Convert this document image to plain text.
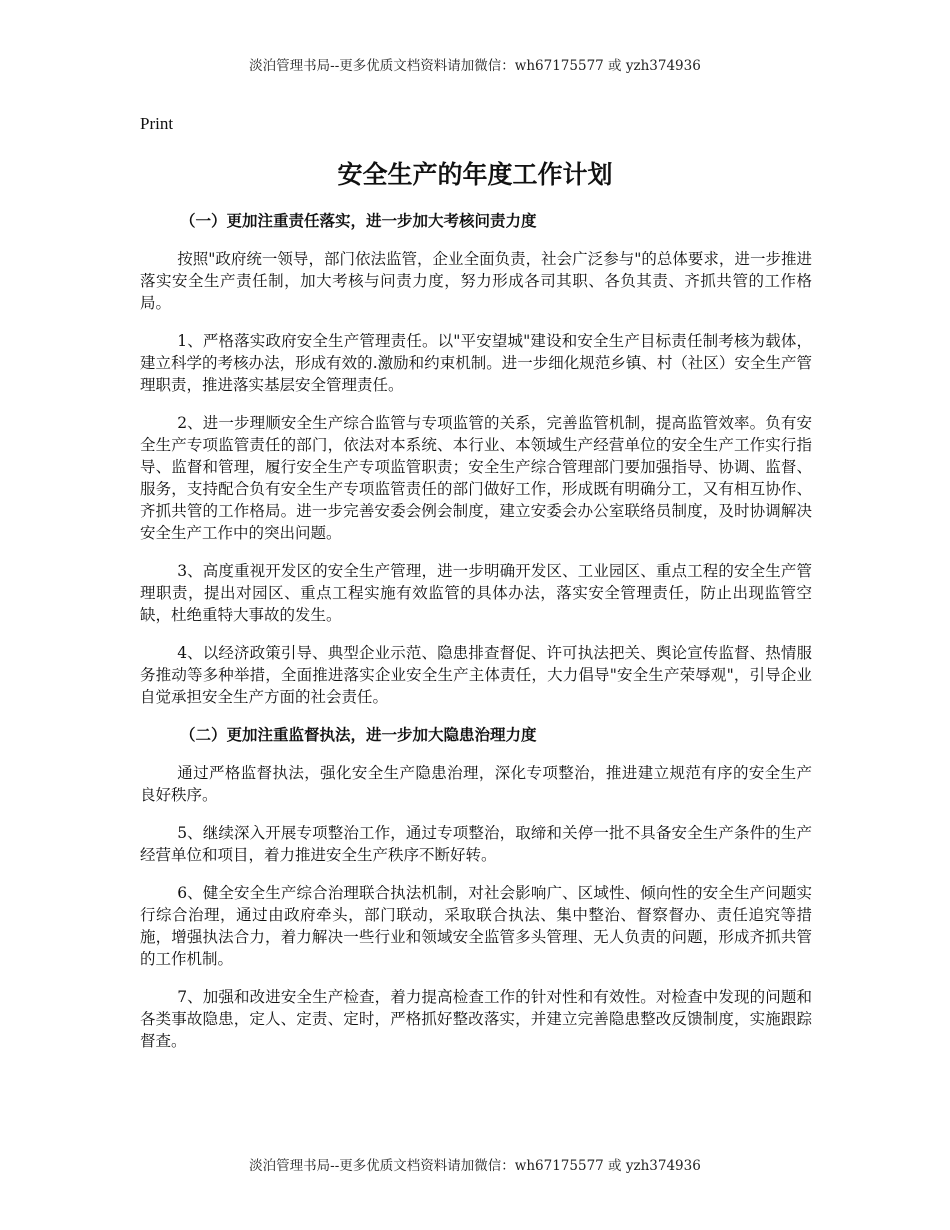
淡泊管理书局--更多优质文档资料请加微信：wh67175577 或 yzh374936
Print
安全生产的年度工作计划

（一）更加注重责任落实，进一步加大考核问责力度

按照"政府统一领导，部门依法监管，企业全面负责，社会广泛参与"的总体要求，进一步推进落实安全生产责任制，加大考核与问责力度，努力形成各司其职、各负其责、齐抓共管的工作格局。

1、严格落实政府安全生产管理责任。以"平安望城"建设和安全生产目标责任制考核为载体，建立科学的考核办法，形成有效的.激励和约束机制。进一步细化规范乡镇、村（社区）安全生产管理职责，推进落实基层安全管理责任。

2、进一步理顺安全生产综合监管与专项监管的关系，完善监管机制，提高监管效率。负有安全生产专项监管责任的部门，依法对本系统、本行业、本领域生产经营单位的安全生产工作实行指导、监督和管理，履行安全生产专项监管职责；安全生产综合管理部门要加强指导、协调、监督、服务，支持配合负有安全生产专项监管责任的部门做好工作，形成既有明确分工，又有相互协作、齐抓共管的工作格局。进一步完善安委会例会制度，建立安委会办公室联络员制度，及时协调解决安全生产工作中的突出问题。

3、高度重视开发区的安全生产管理，进一步明确开发区、工业园区、重点工程的安全生产管理职责，提出对园区、重点工程实施有效监管的具体办法，落实安全管理责任，防止出现监管空缺，杜绝重特大事故的发生。

4、以经济政策引导、典型企业示范、隐患排查督促、许可执法把关、舆论宣传监督、热情服务推动等多种举措，全面推进落实企业安全生产主体责任，大力倡导"安全生产荣辱观"，引导企业自觉承担安全生产方面的社会责任。

（二）更加注重监督执法，进一步加大隐患治理力度

通过严格监督执法，强化安全生产隐患治理，深化专项整治，推进建立规范有序的安全生产良好秩序。

5、继续深入开展专项整治工作，通过专项整治，取缔和关停一批不具备安全生产条件的生产经营单位和项目，着力推进安全生产秩序不断好转。

6、健全安全生产综合治理联合执法机制，对社会影响广、区域性、倾向性的安全生产问题实行综合治理，通过由政府牵头，部门联动，采取联合执法、集中整治、督察督办、责任追究等措施，增强执法合力，着力解决一些行业和领域安全监管多头管理、无人负责的问题，形成齐抓共管的工作机制。

7、加强和改进安全生产检查，着力提高检查工作的针对性和有效性。对检查中发现的问题和各类事故隐患，定人、定责、定时，严格抓好整改落实，并建立完善隐患整改反馈制度，实施跟踪督查。

淡泊管理书局--更多优质文档资料请加微信：wh67175577 或 yzh374936
